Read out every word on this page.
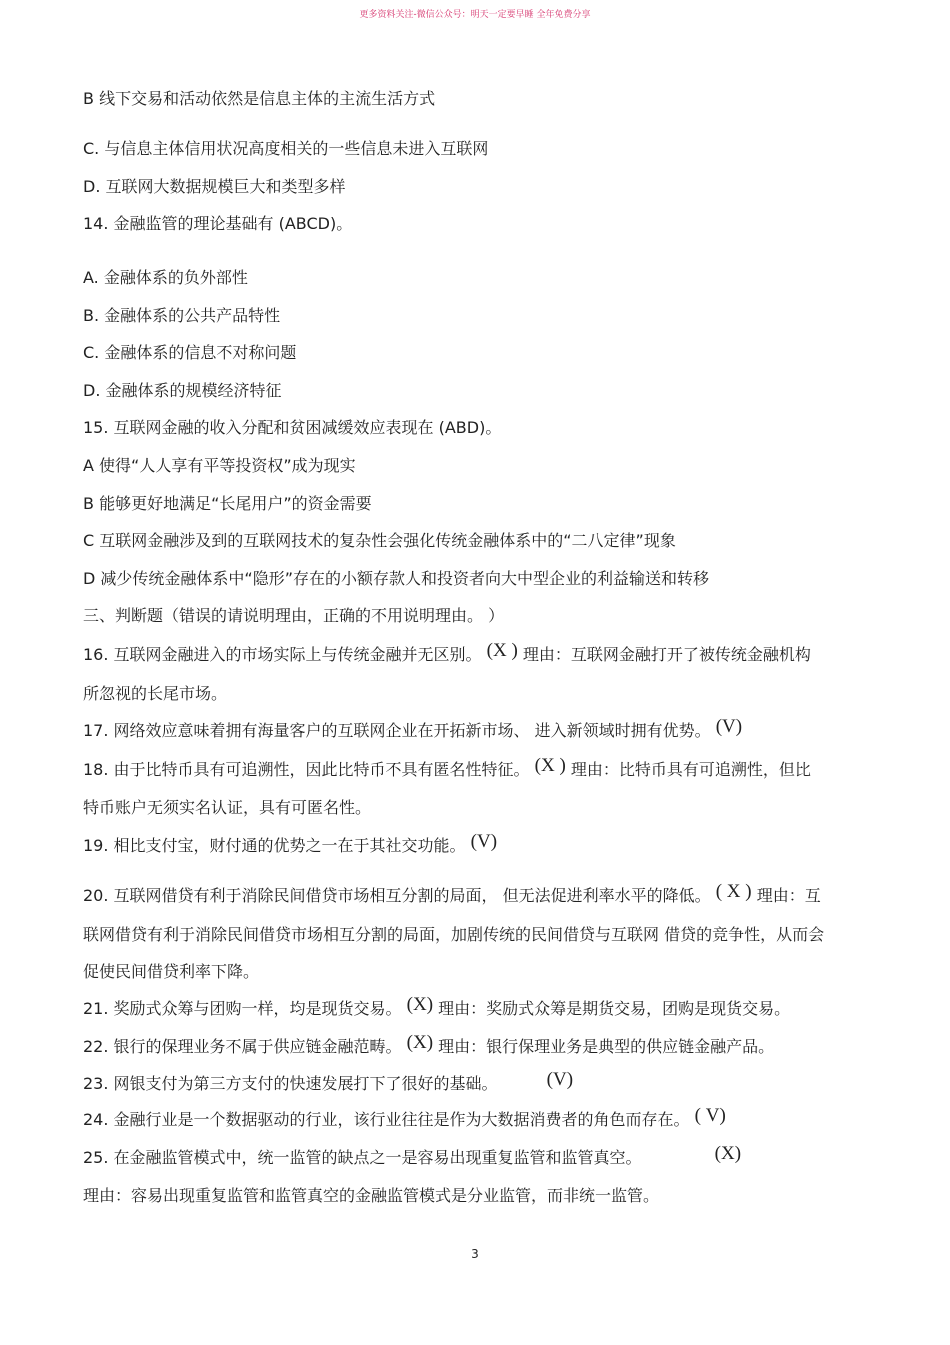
更多资料关注-微信公众号：明天一定要早睡 全年免费分享
B 线下交易和活动依然是信息主体的主流生活方式
C. 与信息主体信用状况高度相关的一些信息未进入互联网
D. 互联网大数据规模巨大和类型多样
14. 金融监管的理论基础有 (ABCD)。
A. 金融体系的负外部性
B. 金融体系的公共产品特性
C. 金融体系的信息不对称问题
D. 金融体系的规模经济特征
15. 互联网金融的收入分配和贫困减缓效应表现在 (ABD)。
A 使得“人人享有平等投资权”成为现实
B 能够更好地满足“长尾用户”的资金需要
C 互联网金融涉及到的互联网技术的复杂性会强化传统金融体系中的“二八定律”现象
D 减少传统金融体系中“隐形”存在的小额存款人和投资者向大中型企业的利益输送和转移
三、判断题（错误的请说明理由，正确的不用说明理由。 ）
16. 互联网金融进入的市场实际上与传统金融并无区别。 (X ) 理由：互联网金融打开了被传统金融机构
所忽视的长尾市场。
17. 网络效应意味着拥有海量客户的互联网企业在开拓新市场、 进入新领域时拥有优势。 (V)
18. 由于比特币具有可追溯性，因此比特币不具有匿名性特征。 (X ) 理由：比特币具有可追溯性，但比
特币账户无须实名认证，具有可匿名性。
19. 相比支付宝，财付通的优势之一在于其社交功能。 (V)
20. 互联网借贷有利于消除民间借贷市场相互分割的局面， 但无法促进利率水平的降低。 ( X ) 理由：互
联网借贷有利于消除民间借贷市场相互分割的局面，加剧传统的民间借贷与互联网 借贷的竞争性，从而会
促使民间借贷利率下降。
21. 奖励式众筹与团购一样，均是现货交易。 (X) 理由：奖励式众筹是期货交易，团购是现货交易。
22. 银行的保理业务不属于供应链金融范畴。 (X) 理由：银行保理业务是典型的供应链金融产品。
23. 网银支付为第三方支付的快速发展打下了很好的基础。	(V)
24. 金融行业是一个数据驱动的行业，该行业往往是作为大数据消费者的角色而存在。 ( V)
25. 在金融监管模式中，统一监管的缺点之一是容易出现重复监管和监管真空。	(X)
理由：容易出现重复监管和监管真空的金融监管模式是分业监管，而非统一监管。
3
